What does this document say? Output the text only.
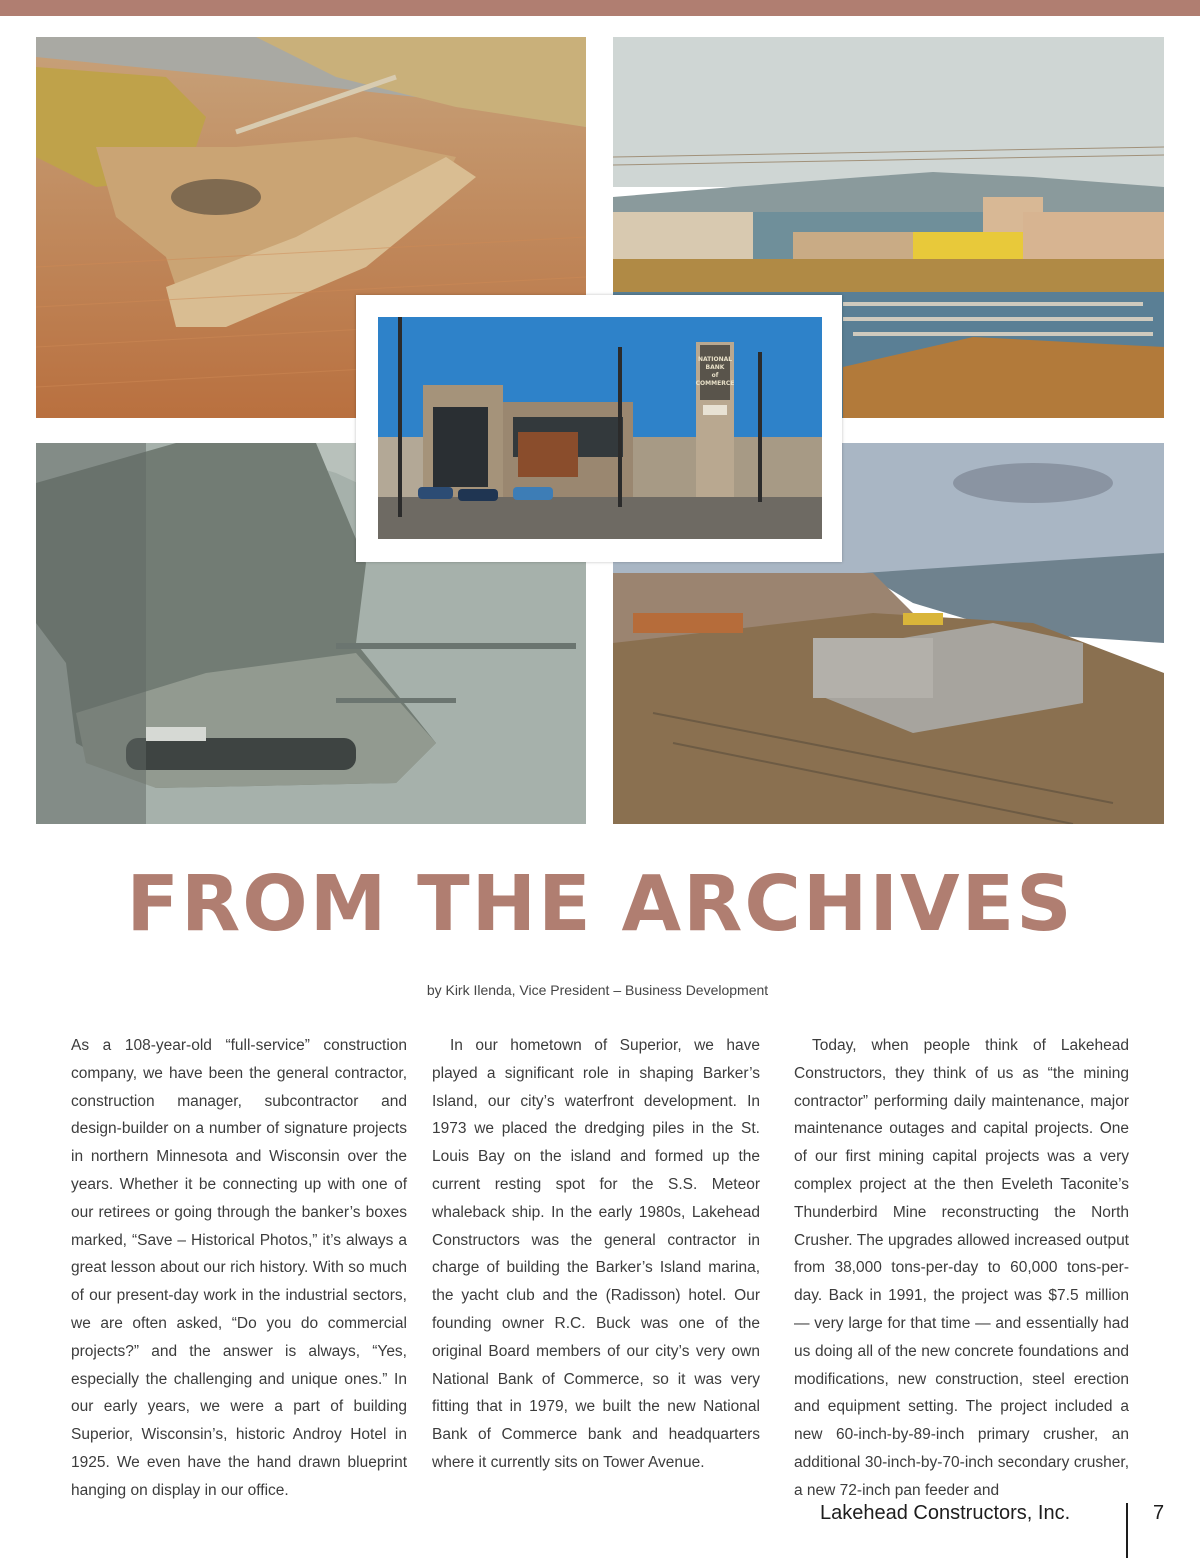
NATIONAL
BANK
of
COMMERCE
FROM THE ARCHIVES
by Kirk Ilenda, Vice President – Business Development

As a 108-year-old “full-service” construction company, we have been the general contractor, construction manager, subcontractor and design-builder on a number of signature projects in northern Minnesota and Wisconsin over the years. Whether it be connecting up with one of our retirees or going through the banker’s boxes marked, “Save – Historical Photos,” it’s always a great lesson about our rich history. With so much of our present-day work in the industrial sectors, we are often asked, “Do you do commercial projects?” and the answer is always, “Yes, especially the challenging and unique ones.” In our early years, we were a part of building Superior, Wisconsin’s, historic Androy Hotel in 1925. We even have the hand drawn blueprint hanging on display in our office.

In our hometown of Superior, we have played a significant role in shaping Barker’s Island, our city’s waterfront development. In 1973 we placed the dredging piles in the St. Louis Bay on the island and formed up the current resting spot for the S.S. Meteor whaleback ship. In the early 1980s, Lakehead Constructors was the general contractor in charge of building the Barker’s Island marina, the yacht club and the (Radisson) hotel. Our founding owner R.C. Buck was one of the original Board members of our city’s very own National Bank of Commerce, so it was very fitting that in 1979, we built the new National Bank of Commerce bank and headquarters where it currently sits on Tower Avenue.

Today, when people think of Lakehead Constructors, they think of us as “the mining contractor” performing daily maintenance, major maintenance outages and capital projects. One of our first mining capital projects was a very complex project at the then Eveleth Taconite’s Thunderbird Mine reconstructing the North Crusher. The upgrades allowed increased output from 38,000 tons-per-day to 60,000 tons-per-day. Back in 1991, the project was $7.5 million — very large for that time — and essentially had us doing all of the new concrete foundations and modifications, new construction, steel erection and equipment setting. The project included a new 60-inch-by-89-inch primary crusher, an additional 30-inch-by-70-inch secondary crusher, a new 72-inch pan feeder and

Lakehead Constructors, Inc.	7
